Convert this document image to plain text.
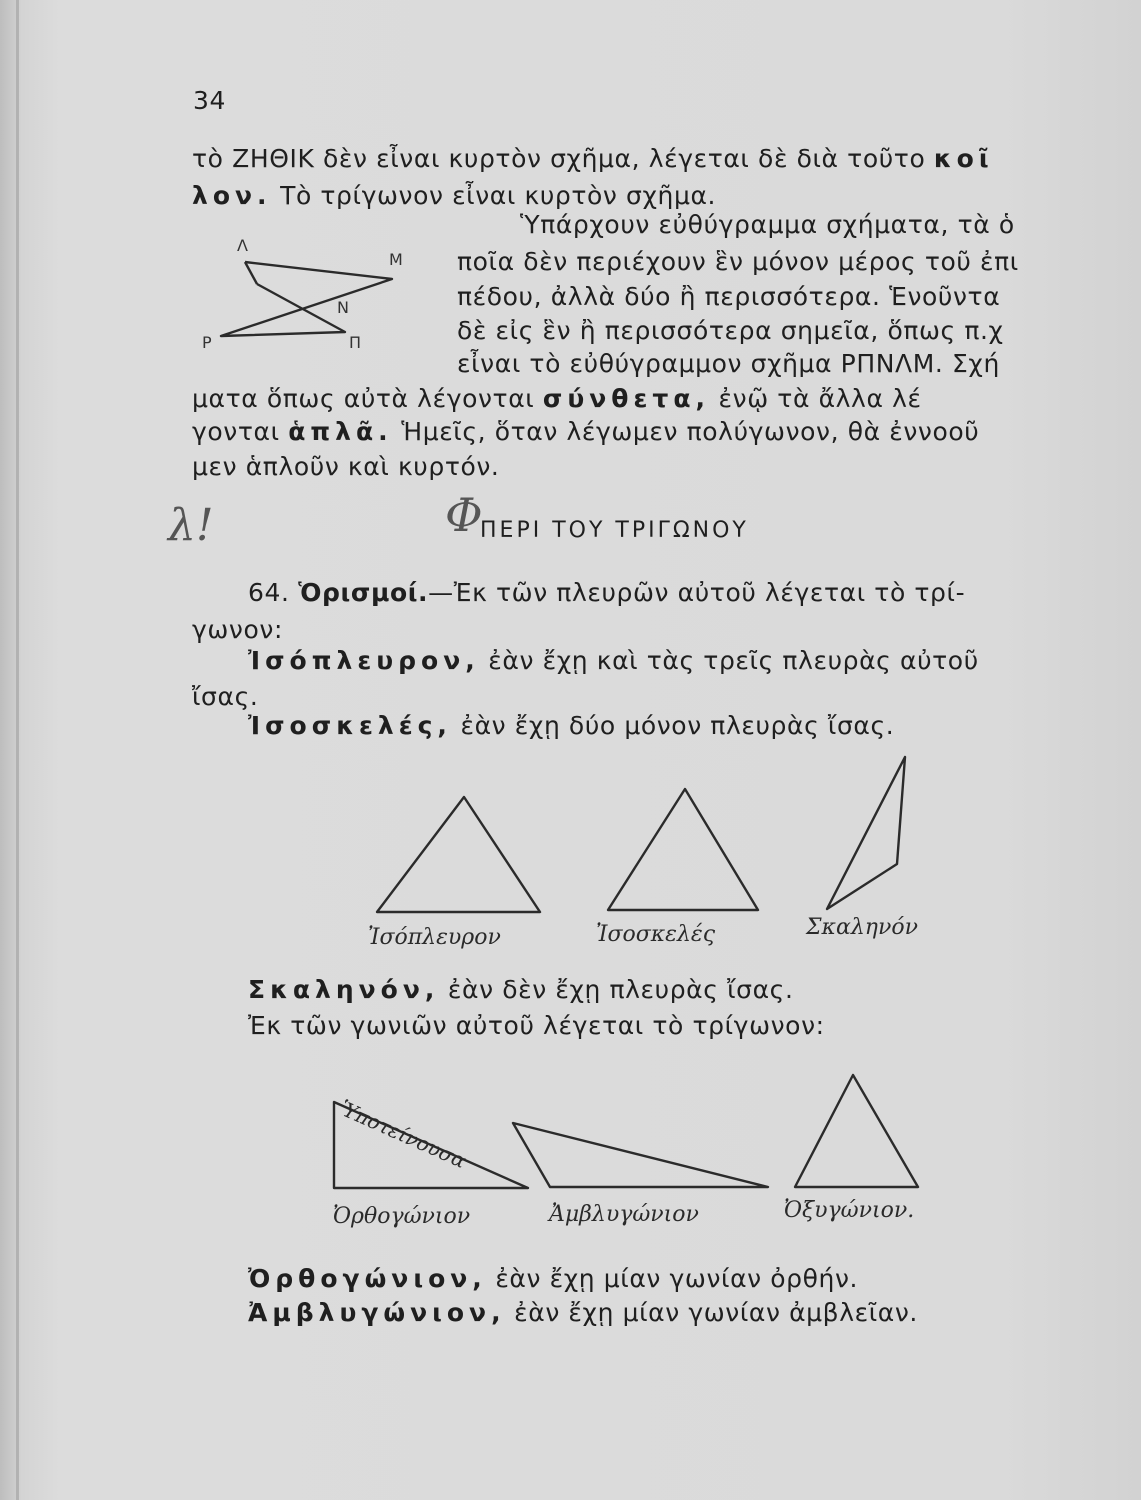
34
τὸ ΖΗΘΙΚ δὲν εἶναι κυρτὸν σχῆμα, λέγεται δὲ διὰ τοῦτο κοῖ
λον. Τὸ τρίγωνον εἶναι κυρτὸν σχῆμα.
Ὑπάρχουν εὐθύγραμμα σχήματα, τὰ ὁ
ποῖα δὲν περιέχουν ἓν μόνον μέρος τοῦ ἐπι
πέδου, ἀλλὰ δύο ἢ περισσότερα. Ἑνοῦντα
δὲ εἰς ἓν ἢ περισσότερα σημεῖα, ὅπως π.χ
εἶναι τὸ εὐθύγραμμον σχῆμα ΡΠΝΛΜ. Σχή
ματα ὅπως αὐτὰ λέγονται σύνθετα, ἐνῷ τὰ ἄλλα λέ
γονται ἁπλᾶ. Ἡμεῖς, ὅταν λέγωμεν πολύγωνον, θὰ ἐννοοῦ
μεν ἁπλοῦν καὶ κυρτόν.
Λ
Μ
Ν
Ρ	Π
λ!	Φ
ΠΕΡΙ ΤΟΥ ΤΡΙΓΩΝΟΥ
64. Ὁρισμοί.—Ἐκ τῶν πλευρῶν αὐτοῦ λέγεται τὸ τρί-
γωνον:
Ἰσόπλευρον, ἐὰν ἔχῃ καὶ τὰς τρεῖς πλευρὰς αὐτοῦ
ἴσας.
Ἰσοσκελές, ἐὰν ἔχῃ δύο μόνον πλευρὰς ἴσας.
Ἰσόπλευρον	Ἰσοσκελές	Σκαληνόν
Σκαληνόν, ἐὰν δὲν ἔχῃ πλευρὰς ἴσας.
Ἐκ τῶν γωνιῶν αὐτοῦ λέγεται τὸ τρίγωνον:
Ὑποτείνουσα
Ὀρθογώνιον	Ἀμβλυγώνιον	Ὀξυγώνιον.
Ὀρθογώνιον, ἐὰν ἔχῃ μίαν γωνίαν ὀρθήν.
Ἀμβλυγώνιον, ἐὰν ἔχῃ μίαν γωνίαν ἀμβλεῖαν.
